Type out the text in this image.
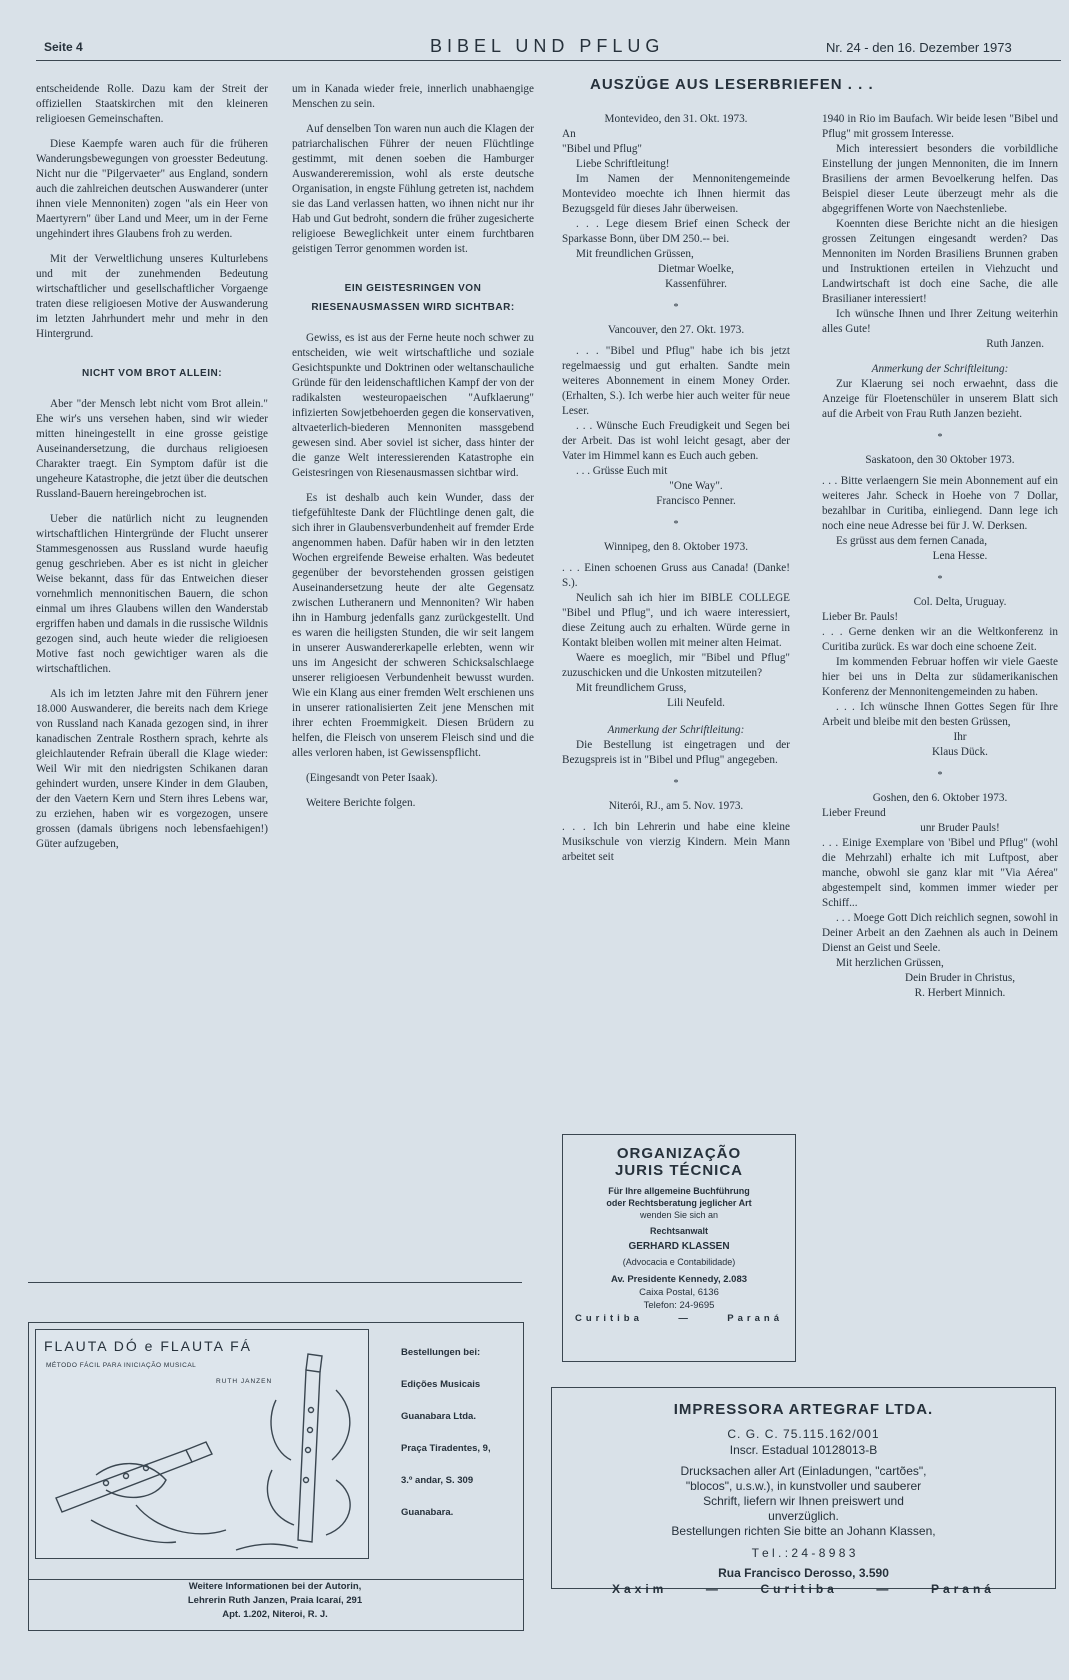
Seite 4	BIBEL UND PFLUG	Nr. 24 - den 16. Dezember 1973

entscheidende Rolle. Dazu kam der Streit der offiziellen Staatskirchen mit den kleineren religioesen Gemeinschaften.

Diese Kaempfe waren auch für die früheren Wanderungsbewegungen von groesster Bedeutung. Nicht nur die "Pilgervaeter" aus England, sondern auch die zahlreichen deutschen Auswanderer (unter ihnen viele Mennoniten) zogen "als ein Heer von Maertyrern" über Land und Meer, um in der Ferne ungehindert ihres Glaubens froh zu werden.

Mit der Verweltlichung unseres Kulturlebens und mit der zunehmenden Bedeutung wirtschaftlicher und gesellschaftlicher Vorgaenge traten diese religioesen Motive der Auswanderung im letzten Jahrhundert mehr und mehr in den Hintergrund.

NICHT VOM BROT ALLEIN:

Aber "der Mensch lebt nicht vom Brot allein." Ehe wir's uns versehen haben, sind wir wieder mitten hineingestellt in eine grosse geistige Auseinandersetzung, die durchaus religioesen Charakter traegt. Ein Symptom dafür ist die ungeheure Katastrophe, die jetzt über die deutschen Russland-Bauern hereingebrochen ist.

Ueber die natürlich nicht zu leugnenden wirtschaftlichen Hintergründe der Flucht unserer Stammesgenossen aus Russland wurde haeufig genug geschrieben. Aber es ist nicht in gleicher Weise bekannt, dass für das Entweichen dieser vornehmlich mennonitischen Bauern, die schon einmal um ihres Glaubens willen den Wanderstab ergriffen haben und damals in die russische Wildnis gezogen sind, auch heute wieder die religioesen Motive fast noch gewichtiger waren als die wirtschaftlichen.

Als ich im letzten Jahre mit den Führern jener 18.000 Auswanderer, die bereits nach dem Kriege von Russland nach Kanada gezogen sind, in ihrer kanadischen Zentrale Rosthern sprach, kehrte als gleichlautender Refrain überall die Klage wieder: Weil Wir mit den niedrigsten Schikanen daran gehindert wurden, unsere Kinder in dem Glauben, der den Vaetern Kern und Stern ihres Lebens war, zu erziehen, haben wir es vorgezogen, unsere grossen (damals übrigens noch lebensfaehigen!) Güter aufzugeben,

um in Kanada wieder freie, innerlich unabhaengige Menschen zu sein.

Auf denselben Ton waren nun auch die Klagen der patriarchalischen Führer der neuen Flüchtlinge gestimmt, mit denen soeben die Hamburger Auswandereremission, wohl als erste deutsche Organisation, in engste Fühlung getreten ist, nachdem sie das Land verlassen hatten, wo ihnen nicht nur ihr Hab und Gut bedroht, sondern die früher zugesicherte religioese Beweglichkeit unter einem furchtbaren geistigen Terror genommen worden ist.

EIN GEISTESRINGEN VON RIESENAUSMASSEN WIRD SICHTBAR:

Gewiss, es ist aus der Ferne heute noch schwer zu entscheiden, wie weit wirtschaftliche und soziale Gesichtspunkte und Doktrinen oder weltanschauliche Gründe für den leidenschaftlichen Kampf der von der radikalsten westeuropaeischen "Aufklaerung" infizierten Sowjetbehoerden gegen die konservativen, altvaeterlich-biederen Mennoniten massgebend gewesen sind. Aber soviel ist sicher, dass hinter der die ganze Welt interessierenden Katastrophe ein Geistesringen von Riesenausmassen sichtbar wird.

Es ist deshalb auch kein Wunder, dass der tiefgefühlteste Dank der Flüchtlinge denen galt, die sich ihrer in Glaubensverbundenheit auf fremder Erde angenommen haben. Dafür haben wir in den letzten Wochen ergreifende Beweise erhalten. Was bedeutet gegenüber der bevorstehenden grossen geistigen Auseinandersetzung heute der alte Gegensatz zwischen Lutheranern und Mennoniten? Wir haben ihn in Hamburg jedenfalls ganz zurückgestellt. Und es waren die heiligsten Stunden, die wir seit langem in unserer Auswandererkapelle erlebten, wenn wir uns im Angesicht der schweren Schicksalschlaege unserer religioesen Verbundenheit bewusst wurden. Wie ein Klang aus einer fremden Welt erschienen uns in unserer rationalisierten Zeit jene Menschen mit ihrer echten Froemmigkeit. Diesen Brüdern zu helfen, die Fleisch von unserem Fleisch sind und die alles verloren haben, ist Gewissenspflicht.

(Eingesandt von Peter Isaak).

Weitere Berichte folgen.

AUSZÜGE AUS LESERBRIEFEN . . .

Montevideo, den 31. Okt. 1973.

An

"Bibel und Pflug"

Liebe Schriftleitung!

Im Namen der Mennonitengemeinde Montevideo moechte ich Ihnen hiermit das Bezugsgeld für dieses Jahr überweisen.

. . . Lege diesem Brief einen Scheck der Sparkasse Bonn, über DM 250.-- bei.

Mit freundlichen Grüssen,

Dietmar Woelke,

Kassenführer.

*

Vancouver, den 27. Okt. 1973.

. . . "Bibel und Pflug" habe ich bis jetzt regelmaessig und gut erhalten. Sandte mein weiteres Abonnement in einem Money Order. (Erhalten, S.). Ich werbe hier auch weiter für neue Leser.

. . . Wünsche Euch Freudigkeit und Segen bei der Arbeit. Das ist wohl leicht gesagt, aber der Vater im Himmel kann es Euch auch geben.

. . . Grüsse Euch mit

"One Way".

Francisco Penner.

*

Winnipeg, den 8. Oktober 1973.

. . . Einen schoenen Gruss aus Canada! (Danke! S.).

Neulich sah ich hier im BIBLE COLLEGE "Bibel und Pflug", und ich waere interessiert, diese Zeitung auch zu erhalten. Würde gerne in Kontakt bleiben wollen mit meiner alten Heimat.

Waere es moeglich, mir "Bibel und Pflug" zuzuschicken und die Unkosten mitzuteilen?

Mit freundlichem Gruss,

Lili Neufeld.

Anmerkung der Schriftleitung:

Die Bestellung ist eingetragen und der Bezugspreis ist in "Bibel und Pflug" angegeben.

*

Niterói, RJ., am 5. Nov. 1973.

. . . Ich bin Lehrerin und habe eine kleine Musikschule von vierzig Kindern. Mein Mann arbeitet seit

1940 in Rio im Baufach. Wir beide lesen "Bibel und Pflug" mit grossem Interesse.

Mich interessiert besonders die vorbildliche Einstellung der jungen Mennoniten, die im Innern Brasiliens der armen Bevoelkerung helfen. Das Beispiel dieser Leute überzeugt mehr als die abgegriffenen Worte von Naechstenliebe.

Koennten diese Berichte nicht an die hiesigen grossen Zeitungen eingesandt werden? Das Mennoniten im Norden Brasiliens Brunnen graben und Instruktionen erteilen in Viehzucht und Landwirtschaft ist doch eine Sache, die alle Brasilianer interessiert!

Ich wünsche Ihnen und Ihrer Zeitung weiterhin alles Gute!

Ruth Janzen.

Anmerkung der Schriftleitung:

Zur Klaerung sei noch erwaehnt, dass die Anzeige für Floetenschüler in unserem Blatt sich auf die Arbeit von Frau Ruth Janzen bezieht.

*

Saskatoon, den 30 Oktober 1973.

. . . Bitte verlaengern Sie mein Abonnement auf ein weiteres Jahr. Scheck in Hoehe von 7 Dollar, bezahlbar in Curitiba, einliegend. Dann lege ich noch eine neue Adresse bei für J. W. Derksen.

Es grüsst aus dem fernen Canada,

Lena Hesse.

*

Col. Delta, Uruguay.

Lieber Br. Pauls!

. . . Gerne denken wir an die Weltkonferenz in Curitiba zurück. Es war doch eine schoene Zeit.

Im kommenden Februar hoffen wir viele Gaeste hier bei uns in Delta zur südamerikanischen Konferenz der Mennonitengemeinden zu haben.

. . . Ich wünsche Ihnen Gottes Segen für Ihre Arbeit und bleibe mit den besten Grüssen,

Ihr

Klaus Dück.

*

Goshen, den 6. Oktober 1973.

Lieber Freund

unr Bruder Pauls!

. . . Einige Exemplare von 'Bibel und Pflug" (wohl die Mehrzahl) erhalte ich mit Luftpost, aber manche, obwohl sie ganz klar mit "Via Aérea" abgestempelt sind, kommen immer wieder per Schiff...

. . . Moege Gott Dich reichlich segnen, sowohl in Deiner Arbeit an den Zaehnen als auch in Deinem Dienst an Geist und Seele.

Mit herzlichen Grüssen,

Dein Bruder in Christus,

R. Herbert Minnich.

ORGANIZAÇÃO
JURIS TÉCNICA
Für Ihre allgemeine Buchführung
oder Rechtsberatung jeglicher Art
wenden Sie sich an
Rechtsanwalt
GERHARD KLASSEN
(Advocacia e Contabilidade)
Av. Presidente Kennedy, 2.083
Caixa Postal, 6136
Telefon: 24-9695
Curitiba	—	Paraná
IMPRESSORA ARTEGRAF LTDA.
C. G. C. 75.115.162/001
Inscr. Estadual 10128013-B
Drucksachen aller Art (Einladungen, "cartões",
"blocos", u.s.w.), in kunstvoller und sauberer
Schrift, liefern wir Ihnen preiswert und
unverzüglich.
Bestellungen richten Sie bitte an Johann Klassen,
T e l . : 2 4 - 8 9 8 3
Rua Francisco Derosso, 3.590
Xaxim	—	Curitiba	—	Paraná
FLAUTA DÓ e FLAUTA FÁ
MÉTODO FÁCIL PARA INICIAÇÃO MUSICAL
RUTH JANZEN
Bestellungen bei:
Edições Musicais
Guanabara Ltda.
Praça Tiradentes, 9,
3.º andar, S. 309
Guanabara.
Weitere Informationen bei der Autorin,
Lehrerin Ruth Janzen, Praia Icaraí, 291
Apt. 1.202, Niteroi, R. J.
